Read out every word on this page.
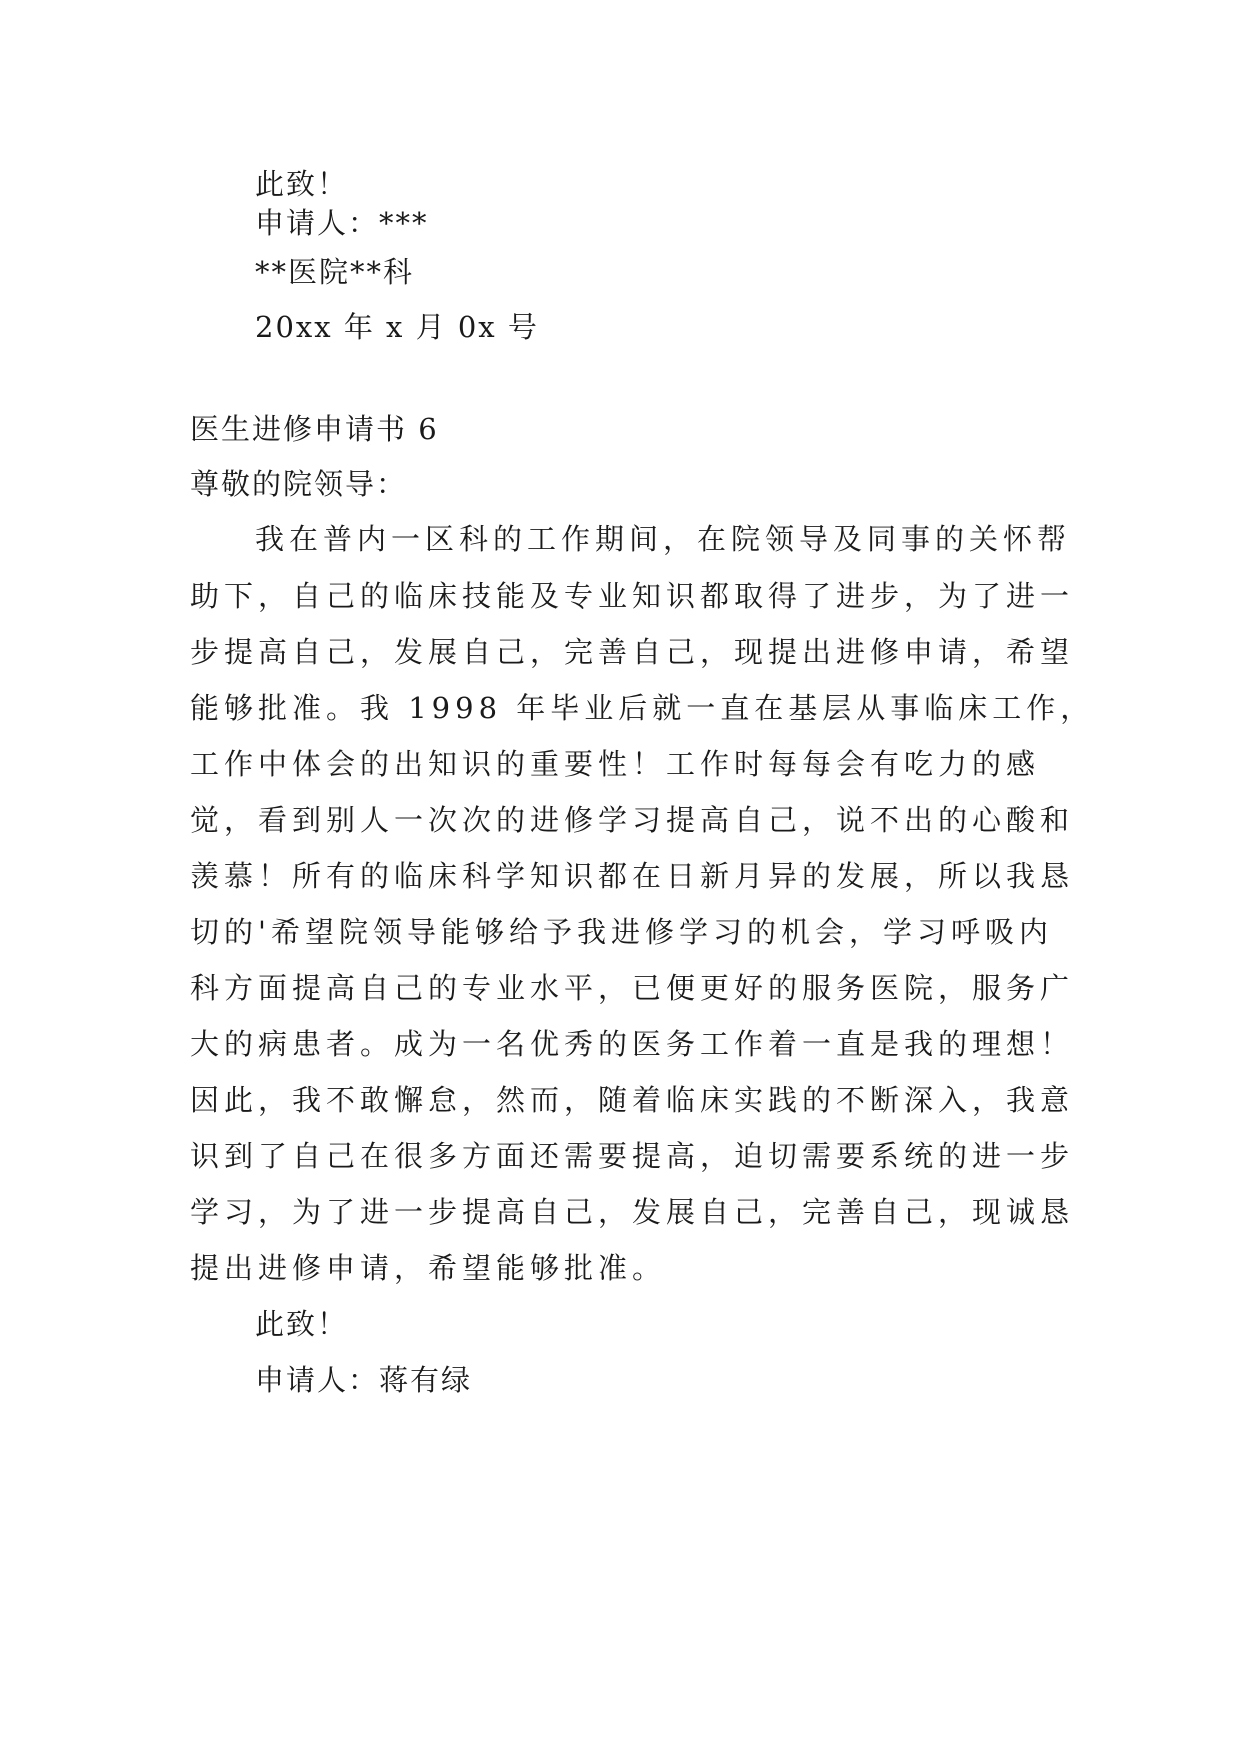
此致！
申请人：***
**医院**科
20xx 年 x 月 0x 号
医生进修申请书 6
尊敬的院领导：
我在普内一区科的工作期间，在院领导及同事的关怀帮
助下，自己的临床技能及专业知识都取得了进步，为了进一
步提高自己，发展自己，完善自己，现提出进修申请，希望
能够批准。我 1998 年毕业后就一直在基层从事临床工作，
工作中体会的出知识的重要性！工作时每每会有吃力的感
觉，看到别人一次次的进修学习提高自己，说不出的心酸和
羡慕！所有的临床科学知识都在日新月异的发展，所以我恳
切的'希望院领导能够给予我进修学习的机会，学习呼吸内
科方面提高自己的专业水平，已便更好的服务医院，服务广
大的病患者。成为一名优秀的医务工作着一直是我的理想！
因此，我不敢懈怠，然而，随着临床实践的不断深入，我意
识到了自己在很多方面还需要提高，迫切需要系统的进一步
学习，为了进一步提高自己，发展自己，完善自己，现诚恳
提出进修申请，希望能够批准。
此致！
申请人：蒋有绿
